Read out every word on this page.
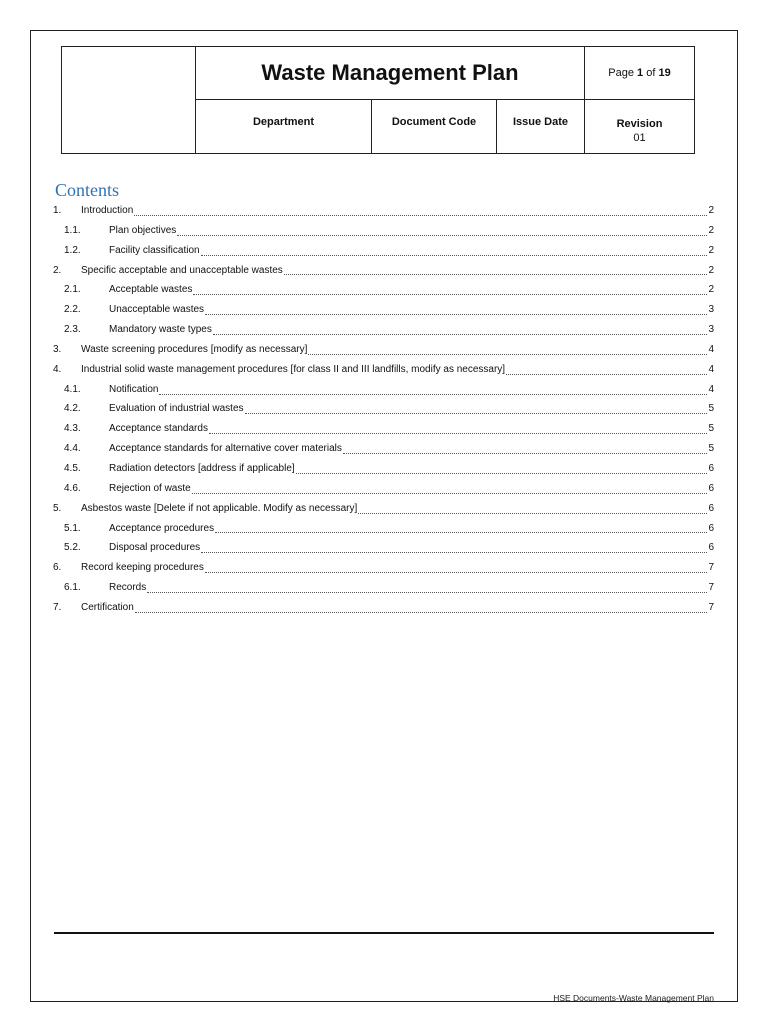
	Waste Management Plan			Page 1 of 19
	Department	Document Code	Issue Date	Revision
01
Contents
1.	Introduction	2
1.1.	Plan objectives	2
1.2.	Facility classification	2
2.	Specific acceptable and unacceptable wastes	2
2.1.	Acceptable wastes	2
2.2.	Unacceptable wastes	3
2.3.	Mandatory waste types	3
3.	Waste screening procedures [modify as necessary]	4
4.	Industrial solid waste management procedures [for class II and III landfills, modify as necessary]	4
4.1.	Notification	4
4.2.	Evaluation of industrial wastes	5
4.3.	Acceptance standards	5
4.4.	Acceptance standards for alternative cover materials	5
4.5.	Radiation detectors [address if applicable]	6
4.6.	Rejection of waste	6
5.	Asbestos waste [Delete if not applicable. Modify as necessary]	6
5.1.	Acceptance procedures	6
5.2.	Disposal procedures	6
6.	Record keeping procedures	7
6.1.	Records	7
7.	Certification	7
HSE Documents-Waste Management Plan
